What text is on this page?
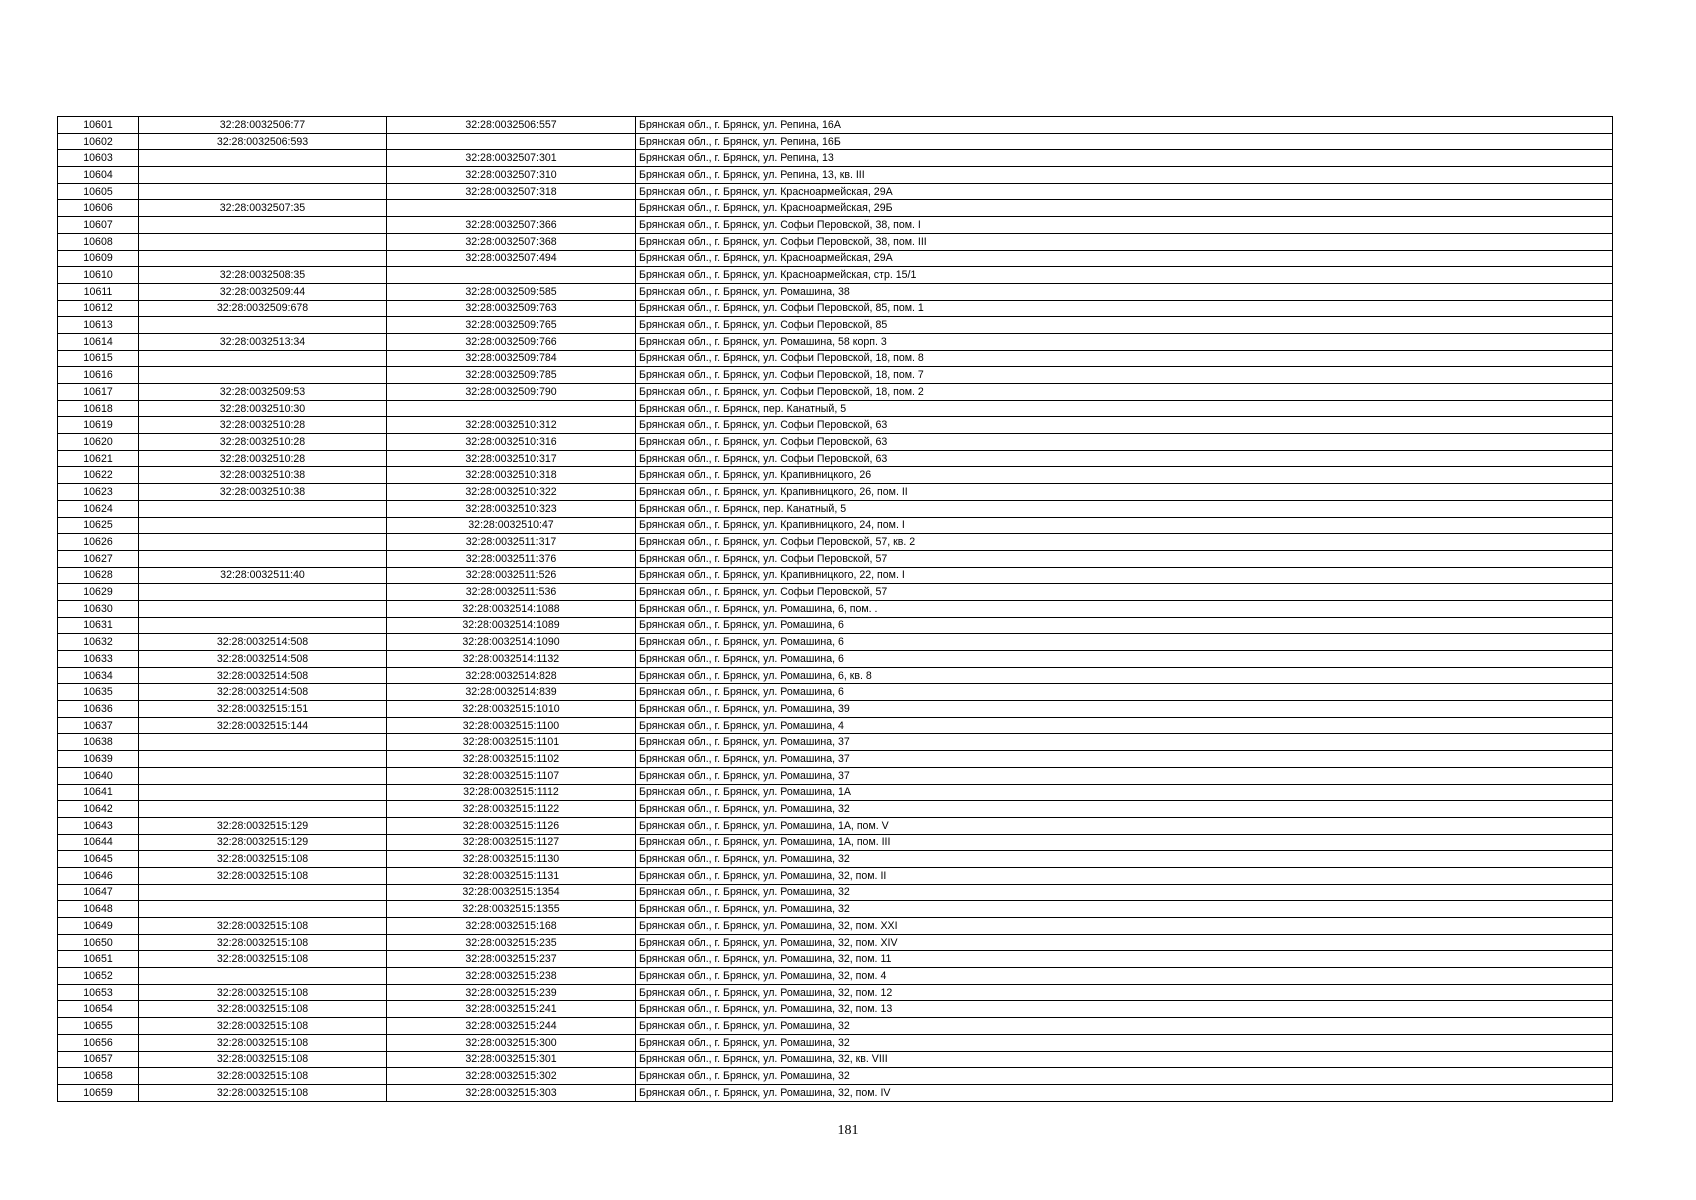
10601	32:28:0032506:77	32:28:0032506:557	Брянская обл., г. Брянск, ул. Репина, 16А
10602	32:28:0032506:593		Брянская обл., г. Брянск, ул. Репина, 16Б
10603		32:28:0032507:301	Брянская обл., г. Брянск, ул. Репина, 13
10604		32:28:0032507:310	Брянская обл., г. Брянск, ул. Репина, 13, кв. III
10605		32:28:0032507:318	Брянская обл., г. Брянск, ул. Красноармейская, 29А
10606	32:28:0032507:35		Брянская обл., г. Брянск, ул. Красноармейская, 29Б
10607		32:28:0032507:366	Брянская обл., г. Брянск, ул. Софьи Перовской, 38, пом. I
10608		32:28:0032507:368	Брянская обл., г. Брянск, ул. Софьи Перовской, 38, пом. III
10609		32:28:0032507:494	Брянская обл., г. Брянск, ул. Красноармейская, 29А
10610	32:28:0032508:35		Брянская обл., г. Брянск, ул. Красноармейская, стр. 15/1
10611	32:28:0032509:44	32:28:0032509:585	Брянская обл., г. Брянск, ул. Ромашина, 38
10612	32:28:0032509:678	32:28:0032509:763	Брянская обл., г. Брянск, ул. Софьи Перовской, 85, пом. 1
10613		32:28:0032509:765	Брянская обл., г. Брянск, ул. Софьи Перовской, 85
10614	32:28:0032513:34	32:28:0032509:766	Брянская обл., г. Брянск, ул. Ромашина, 58 корп. 3
10615		32:28:0032509:784	Брянская обл., г. Брянск, ул. Софьи Перовской, 18, пом. 8
10616		32:28:0032509:785	Брянская обл., г. Брянск, ул. Софьи Перовской, 18, пом. 7
10617	32:28:0032509:53	32:28:0032509:790	Брянская обл., г. Брянск, ул. Софьи Перовской, 18, пом. 2
10618	32:28:0032510:30		Брянская обл., г. Брянск, пер. Канатный, 5
10619	32:28:0032510:28	32:28:0032510:312	Брянская обл., г. Брянск, ул. Софьи Перовской, 63
10620	32:28:0032510:28	32:28:0032510:316	Брянская обл., г. Брянск, ул. Софьи Перовской, 63
10621	32:28:0032510:28	32:28:0032510:317	Брянская обл., г. Брянск, ул. Софьи Перовской, 63
10622	32:28:0032510:38	32:28:0032510:318	Брянская обл., г. Брянск, ул. Крапивницкого, 26
10623	32:28:0032510:38	32:28:0032510:322	Брянская обл., г. Брянск, ул. Крапивницкого, 26, пом. II
10624		32:28:0032510:323	Брянская обл., г. Брянск, пер. Канатный, 5
10625		32:28:0032510:47	Брянская обл., г. Брянск, ул. Крапивницкого, 24, пом. I
10626		32:28:0032511:317	Брянская обл., г. Брянск, ул. Софьи Перовской, 57, кв. 2
10627		32:28:0032511:376	Брянская обл., г. Брянск, ул. Софьи Перовской, 57
10628	32:28:0032511:40	32:28:0032511:526	Брянская обл., г. Брянск, ул. Крапивницкого, 22, пом. I
10629		32:28:0032511:536	Брянская обл., г. Брянск, ул. Софьи Перовской, 57
10630		32:28:0032514:1088	Брянская обл., г. Брянск, ул. Ромашина, 6, пом. .
10631		32:28:0032514:1089	Брянская обл., г. Брянск, ул. Ромашина, 6
10632	32:28:0032514:508	32:28:0032514:1090	Брянская обл., г. Брянск, ул. Ромашина, 6
10633	32:28:0032514:508	32:28:0032514:1132	Брянская обл., г. Брянск, ул. Ромашина, 6
10634	32:28:0032514:508	32:28:0032514:828	Брянская обл., г. Брянск, ул. Ромашина, 6, кв. 8
10635	32:28:0032514:508	32:28:0032514:839	Брянская обл., г. Брянск, ул. Ромашина, 6
10636	32:28:0032515:151	32:28:0032515:1010	Брянская обл., г. Брянск, ул. Ромашина, 39
10637	32:28:0032515:144	32:28:0032515:1100	Брянская обл., г. Брянск, ул. Ромашина, 4
10638		32:28:0032515:1101	Брянская обл., г. Брянск, ул. Ромашина, 37
10639		32:28:0032515:1102	Брянская обл., г. Брянск, ул. Ромашина, 37
10640		32:28:0032515:1107	Брянская обл., г. Брянск, ул. Ромашина, 37
10641		32:28:0032515:1112	Брянская обл., г. Брянск, ул. Ромашина, 1А
10642		32:28:0032515:1122	Брянская обл., г. Брянск, ул. Ромашина, 32
10643	32:28:0032515:129	32:28:0032515:1126	Брянская обл., г. Брянск, ул. Ромашина, 1А, пом. V
10644	32:28:0032515:129	32:28:0032515:1127	Брянская обл., г. Брянск, ул. Ромашина, 1А, пом. III
10645	32:28:0032515:108	32:28:0032515:1130	Брянская обл., г. Брянск, ул. Ромашина, 32
10646	32:28:0032515:108	32:28:0032515:1131	Брянская обл., г. Брянск, ул. Ромашина, 32, пом. II
10647		32:28:0032515:1354	Брянская обл., г. Брянск, ул. Ромашина, 32
10648		32:28:0032515:1355	Брянская обл., г. Брянск, ул. Ромашина, 32
10649	32:28:0032515:108	32:28:0032515:168	Брянская обл., г. Брянск, ул. Ромашина, 32, пом. XXI
10650	32:28:0032515:108	32:28:0032515:235	Брянская обл., г. Брянск, ул. Ромашина, 32, пом. XIV
10651	32:28:0032515:108	32:28:0032515:237	Брянская обл., г. Брянск, ул. Ромашина, 32, пом. 11
10652		32:28:0032515:238	Брянская обл., г. Брянск, ул. Ромашина, 32, пом. 4
10653	32:28:0032515:108	32:28:0032515:239	Брянская обл., г. Брянск, ул. Ромашина, 32, пом. 12
10654	32:28:0032515:108	32:28:0032515:241	Брянская обл., г. Брянск, ул. Ромашина, 32, пом. 13
10655	32:28:0032515:108	32:28:0032515:244	Брянская обл., г. Брянск, ул. Ромашина, 32
10656	32:28:0032515:108	32:28:0032515:300	Брянская обл., г. Брянск, ул. Ромашина, 32
10657	32:28:0032515:108	32:28:0032515:301	Брянская обл., г. Брянск, ул. Ромашина, 32, кв. VIII
10658	32:28:0032515:108	32:28:0032515:302	Брянская обл., г. Брянск, ул. Ромашина, 32
10659	32:28:0032515:108	32:28:0032515:303	Брянская обл., г. Брянск, ул. Ромашина, 32, пом. IV
181
